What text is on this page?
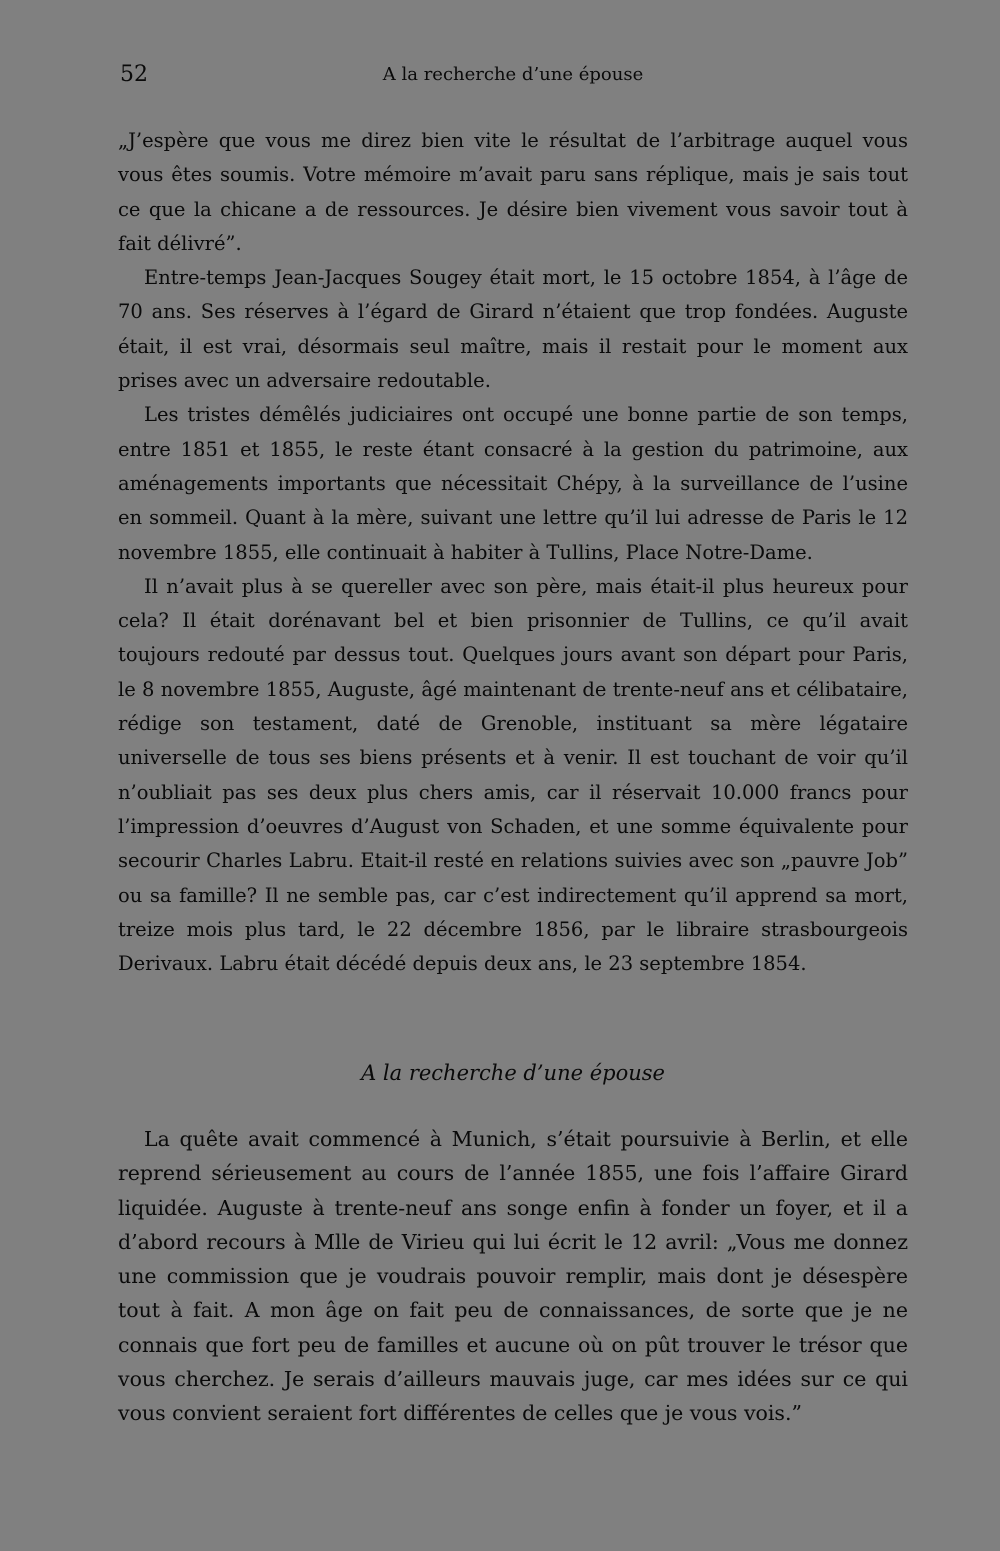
52	A la recherche d’une épouse

„J’espère que vous me direz bien vite le résultat de l’arbitrage auquel vous vous êtes soumis. Votre mémoire m’avait paru sans réplique, mais je sais tout ce que la chicane a de ressources. Je désire bien vivement vous savoir tout à fait délivré”.

Entre-temps Jean-Jacques Sougey était mort, le 15 octobre 1854, à l’âge de 70 ans. Ses réserves à l’égard de Girard n’étaient que trop fondées. Auguste était, il est vrai, désormais seul maître, mais il restait pour le moment aux prises avec un adversaire redoutable.

Les tristes démêlés judiciaires ont occupé une bonne partie de son temps, entre 1851 et 1855, le reste étant consacré à la gestion du patrimoine, aux aménagements importants que nécessitait Chépy, à la surveillance de l’usine en sommeil. Quant à la mère, suivant une lettre qu’il lui adresse de Paris le 12 novembre 1855, elle continuait à habiter à Tullins, Place Notre-Dame.

Il n’avait plus à se quereller avec son père, mais était-il plus heureux pour cela? Il était dorénavant bel et bien prisonnier de Tullins, ce qu’il avait toujours redouté par dessus tout. Quelques jours avant son départ pour Paris, le 8 novembre 1855, Auguste, âgé maintenant de trente-neuf ans et célibataire, rédige son testament, daté de Grenoble, instituant sa mère légataire universelle de tous ses biens présents et à venir. Il est touchant de voir qu’il n’oubliait pas ses deux plus chers amis, car il réservait 10.000 francs pour l’impression d’oeuvres d’August von Schaden, et une somme équivalente pour secourir Charles Labru. Etait-il resté en relations suivies avec son „pauvre Job” ou sa famille? Il ne semble pas, car c’est indirectement qu’il apprend sa mort, treize mois plus tard, le 22 décembre 1856, par le libraire strasbourgeois Derivaux. Labru était décédé depuis deux ans, le 23 septembre 1854.

A la recherche d’une épouse

La quête avait commencé à Munich, s’était poursuivie à Berlin, et elle reprend sérieusement au cours de l’année 1855, une fois l’affaire Girard liquidée. Auguste à trente-neuf ans songe enfin à fonder un foyer, et il a d’abord recours à Mlle de Virieu qui lui écrit le 12 avril: „Vous me donnez une commission que je voudrais pouvoir remplir, mais dont je désespère tout à fait. A mon âge on fait peu de connaissances, de sorte que je ne connais que fort peu de familles et aucune où on pût trouver le trésor que vous cherchez. Je serais d’ailleurs mauvais juge, car mes idées sur ce qui vous convient seraient fort différentes de celles que je vous vois.”
